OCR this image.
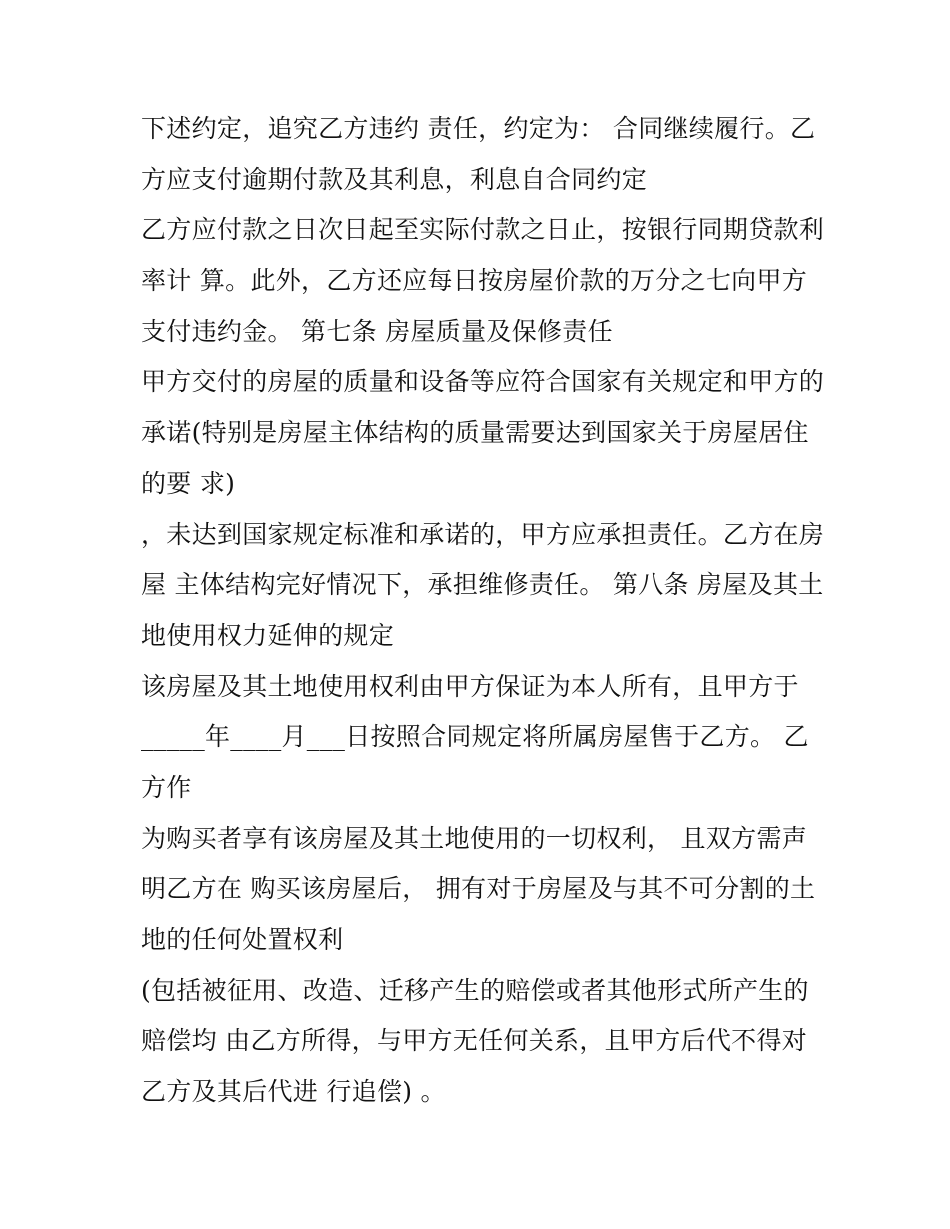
下述约定，追究乙方违约 责任，约定为： 合同继续履行。乙
方应支付逾期付款及其利息，利息自合同约定
乙方应付款之日次日起至实际付款之日止，按银行同期贷款利
率计 算。此外，乙方还应每日按房屋价款的万分之七向甲方
支付违约金。 第七条 房屋质量及保修责任
甲方交付的房屋的质量和设备等应符合国家有关规定和甲方的
承诺(特别是房屋主体结构的质量需要达到国家关于房屋居住
的要 求)
，未达到国家规定标准和承诺的，甲方应承担责任。乙方在房
屋 主体结构完好情况下，承担维修责任。 第八条 房屋及其土
地使用权力延伸的规定
该房屋及其土地使用权利由甲方保证为本人所有，且甲方于
_____年____月___日按照合同规定将所属房屋售于乙方。 乙
方作
为购买者享有该房屋及其土地使用的一切权利， 且双方需声
明乙方在 购买该房屋后， 拥有对于房屋及与其不可分割的土
地的任何处置权利
(包括被征用、改造、迁移产生的赔偿或者其他形式所产生的
赔偿均 由乙方所得，与甲方无任何关系，且甲方后代不得对
乙方及其后代进 行追偿) 。
